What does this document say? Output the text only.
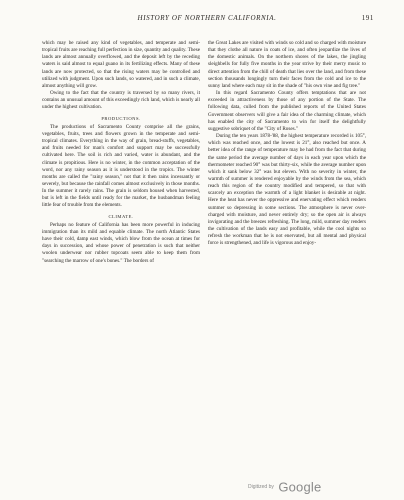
HISTORY OF NORTHERN CALIFORNIA.	191

which may be raised any kind of vegetables, and temperate and semi-tropical fruits are reaching full perfection in size, quantity and quality. These lands are almost annually overflowed, and the deposit left by the receding waters is said almost to equal guano in its fertilizing effects. Many of these lands are now protected, so that the rising waters may be controlled and utilized with judgment. Upon such lands, so watered, and in such a climate, almost anything will grow.

Owing to the fact that the country is traversed by so many rivers, it contains an unusual amount of this exceedingly rich land, which is nearly all under the highest cultivation.

PRODUCTIONS.

The productions of Sacramento County comprise all the grains, vegetables, fruits, trees and flowers grown in the temperate and semi-tropical climates. Everything in the way of grain, bread-stuffs, vegetables, and fruits needed for man's comfort and support may be successfully cultivated here. The soil is rich and varied, water is abundant, and the climate is propitious. Here is no winter, in the common acceptation of the word, nor any rainy season as it is understood in the tropics. The winter months are called the "rainy season," not that it then rains incessantly or severely, but because the rainfall comes almost exclusively in those months. In the summer it rarely rains. The grain is seldom housed when harvested, but is left in the fields until ready for the market, the husbandman feeling little fear of trouble from the elements.

CLIMATE.

Perhaps no feature of California has been more powerful in inducing immigration than its mild and equable climate. The north Atlantic States have their cold, damp east winds, which blow from the ocean at times for days in succession, and whose power of penetration is such that neither woolen underwear nor rubber topcoats seem able to keep them from "searching the marrow of one's bones." The borders of

the Great Lakes are visited with winds so cold and so charged with moisture that they clothe all nature in coats of ice, and often jeopardize the lives of the domestic animals. On the northern shores of the lakes, the jingling sleighbells for fully five months in the year strive by their merry music to direct attention from the chill of death that lies over the land, and from these section thousands longingly turn their faces from the cold and ice to the sunny land where each may sit in the shade of "his own vine and fig tree."

In this regard Sacramento County offers temptations that are not exceeded in attractiveness by those of any portion of the State. The following data, culled from the published reports of the United States Government observers will give a fair idea of the charming climate, which has enabled the city of Sacramento to win for itself the delightfully suggestive sobriquet of the "City of Roses."

During the ten years 1878-'88, the highest temperature recorded is 105°, which was reached once, and the lowest is 21°, also reached but once. A better idea of the range of temperature may be had from the fact that during the same period the average number of days in each year upon which the thermometer reached 90° was but thirty-six, while the average number upon which it sank below 32° was but eleven. With no severity in winter, the warmth of summer is rendered enjoyable by the winds from the sea, which reach this region of the country modified and tempered, so that with scarcely an exception the warmth of a light blanket is desirable at night. Here the heat has never the oppressive and enervating effect which renders summer so depressing in some sections. The atmosphere is never over-charged with moisture, and never entirely dry; so the open air is always invigorating and the breezes refreshing. The long, mild, summer day renders the cultivation of the lands easy and profitable, while the cool nights so refresh the workman that he is not enervated, but all mental and physical force is strengthened, and life is vigorous and enjoy-

Digitized by Google
